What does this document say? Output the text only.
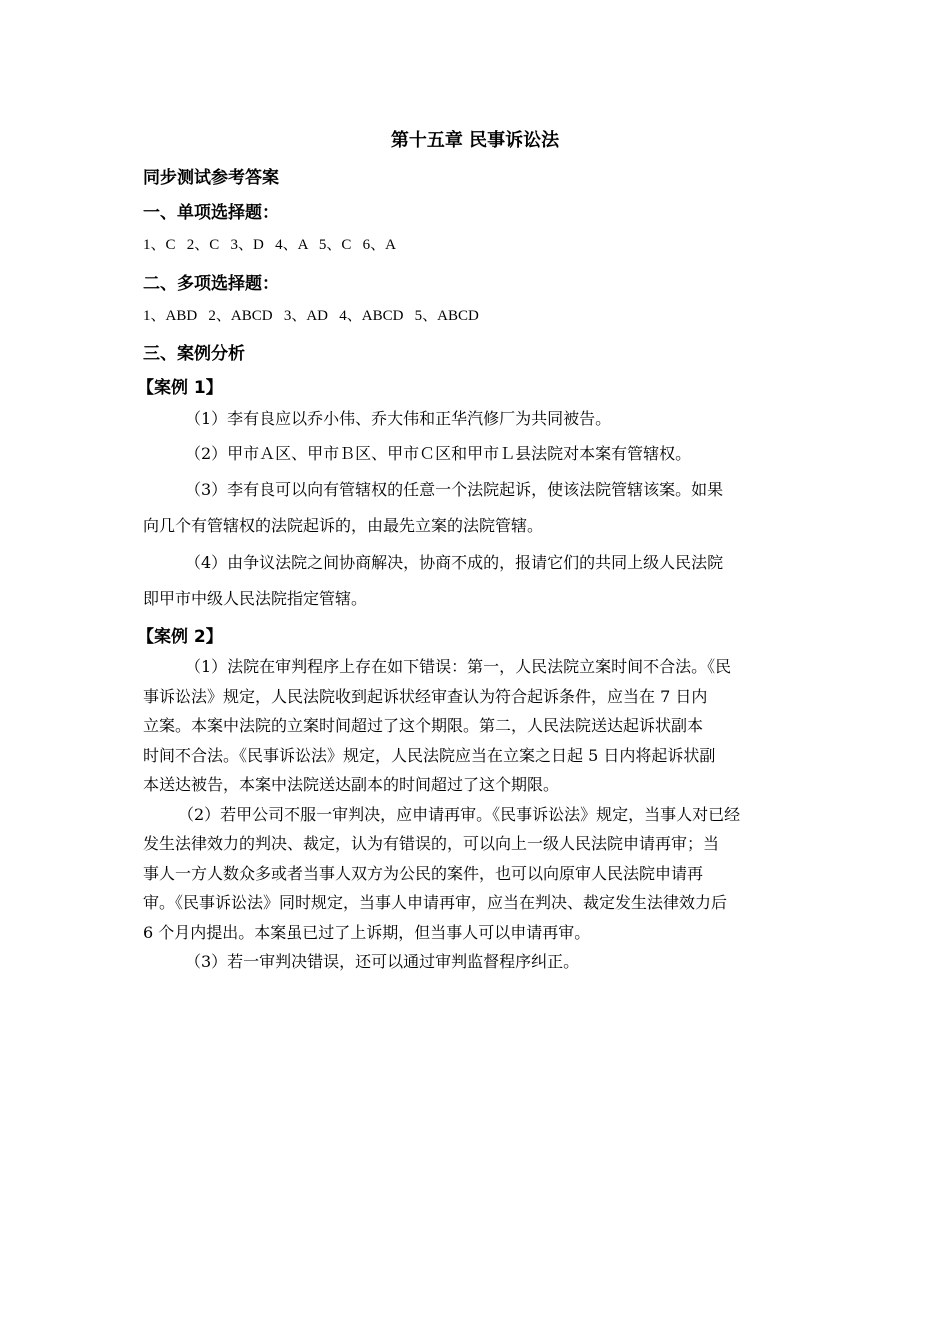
第十五章 民事诉讼法
同步测试参考答案
一、单项选择题：
1、C   2、C   3、D   4、A   5、C   6、A
二、多项选择题：
1、ABD   2、ABCD   3、AD   4、ABCD   5、ABCD
三、案例分析
【案例 1】
（1）李有良应以乔小伟、乔大伟和正华汽修厂为共同被告。
（2）甲市Ａ区、甲市Ｂ区、甲市Ｃ区和甲市Ｌ县法院对本案有管辖权。
（3）李有良可以向有管辖权的任意一个法院起诉，使该法院管辖该案。如果
向几个有管辖权的法院起诉的，由最先立案的法院管辖。
（4）由争议法院之间协商解决，协商不成的，报请它们的共同上级人民法院
即甲市中级人民法院指定管辖。
【案例 2】
（1）法院在审判程序上存在如下错误：第一，人民法院立案时间不合法。《民
事诉讼法》规定，人民法院收到起诉状经审查认为符合起诉条件，应当在 7 日内
立案。本案中法院的立案时间超过了这个期限。第二，人民法院送达起诉状副本
时间不合法。《民事诉讼法》规定，人民法院应当在立案之日起 5 日内将起诉状副
本送达被告，本案中法院送达副本的时间超过了这个期限。
（2）若甲公司不服一审判决，应申请再审。《民事诉讼法》规定，当事人对已经
发生法律效力的判决、裁定，认为有错误的，可以向上一级人民法院申请再审；当
事人一方人数众多或者当事人双方为公民的案件，也可以向原审人民法院申请再
审。《民事诉讼法》同时规定，当事人申请再审，应当在判决、裁定发生法律效力后
6 个月内提出。本案虽已过了上诉期，但当事人可以申请再审。
（3）若一审判决错误，还可以通过审判监督程序纠正。
